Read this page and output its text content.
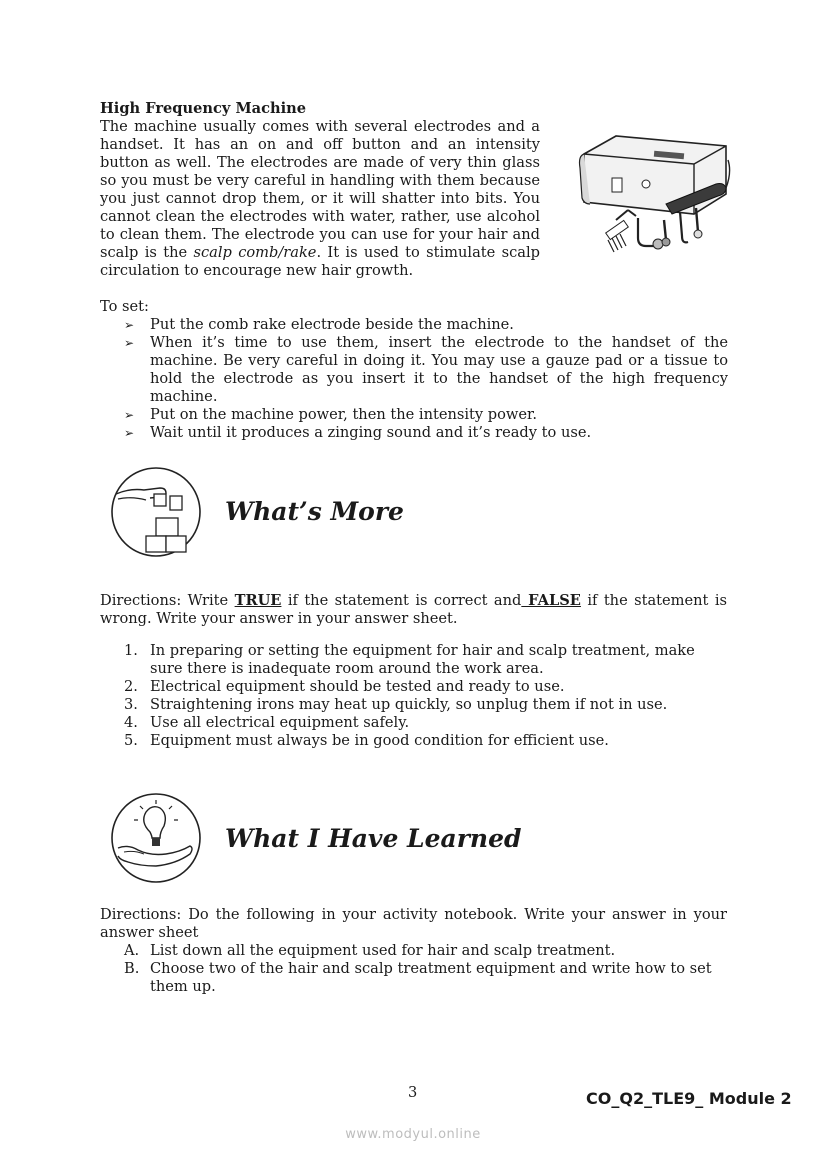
High Frequency Machine
The machine usually comes with several electrodes and a handset. It has an on and off button and an intensity button as well. The electrodes are made of very thin glass so you must be very careful in handling with them because you just cannot drop them, or it will shatter into bits. You cannot clean the electrodes with water, rather, use alcohol to clean them. The electrode you can use for your hair and scalp is the scalp comb/rake. It is used to stimulate scalp circulation to encourage new hair growth.
To set:
➢ Put the comb rake electrode beside the machine.
➢ When it’s time to use them, insert the electrode to the handset of the machine. Be very careful in doing it. You may use a gauze pad or a tissue to hold the electrode as you insert it to the handset of the high frequency machine.
➢ Put on the machine power, then the intensity power.
➢ Wait until it produces a zinging sound and it’s ready to use.
What’s More
Directions: Write TRUE if the statement is correct and FALSE if the statement is wrong. Write your answer in your answer sheet.
1. In preparing or setting the equipment for hair and scalp treatment, make sure there is inadequate room around the work area.
2. Electrical equipment should be tested and ready to use.
3. Straightening irons may heat up quickly, so unplug them if not in use.
4. Use all electrical equipment safely.
5. Equipment must always be in good condition for efficient use.
What I Have Learned
Directions: Do the following in your activity notebook. Write your answer in your answer sheet
A. List down all the equipment used for hair and scalp treatment.
B. Choose two of the hair and scalp treatment equipment and write how to set them up.
3	CO_Q2_TLE9_ Module 2
www.modyul.online
